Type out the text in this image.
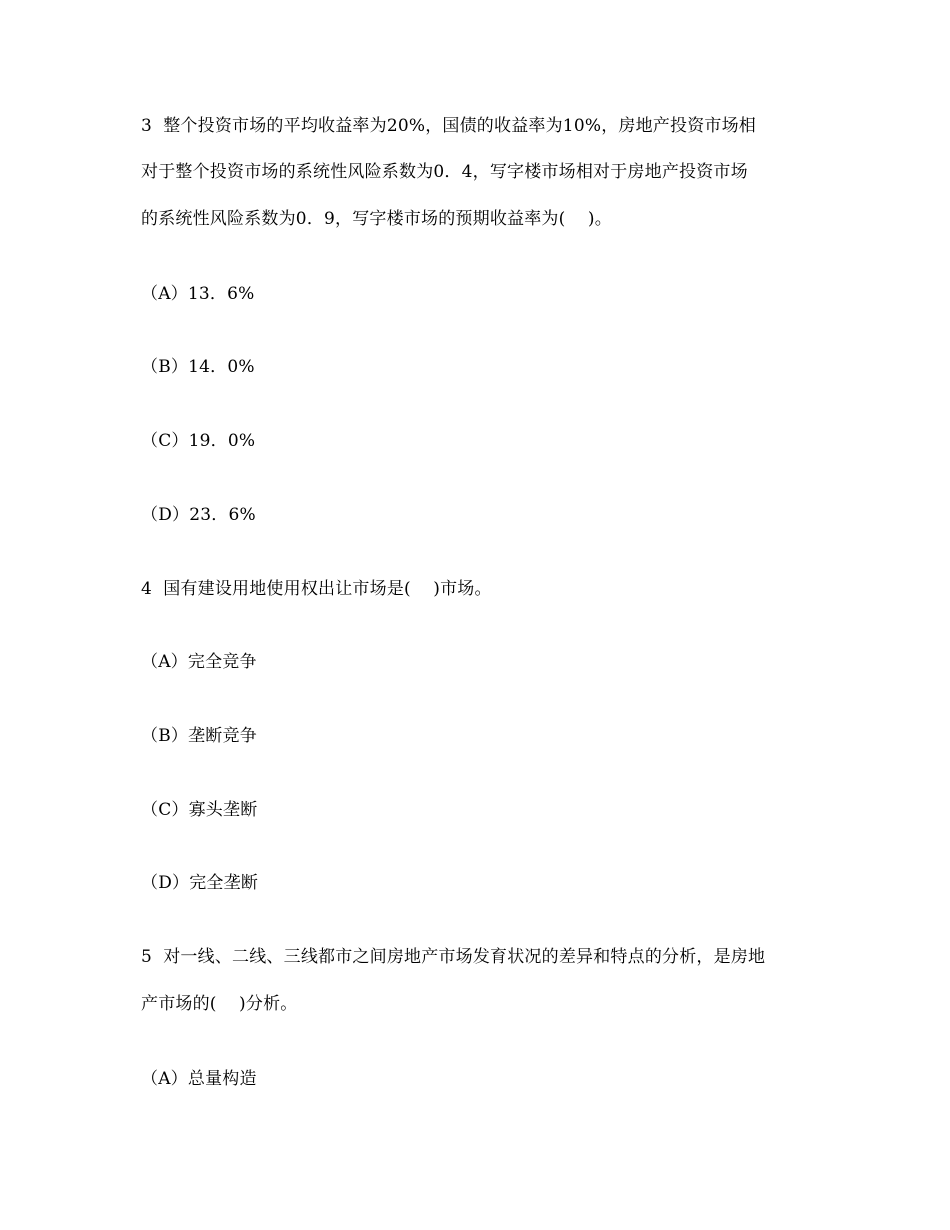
3  整个投资市场的平均收益率为20%，国债的收益率为10%，房地产投资市场相
对于整个投资市场的系统性风险系数为0．4，写字楼市场相对于房地产投资市场
的系统性风险系数为0．9，写字楼市场的预期收益率为(    )。
（A）13．6%
（B）14．0%
（C）19．0%
（D）23．6%
4  国有建设用地使用权出让市场是(    )市场。
（A）完全竞争
（B）垄断竞争
（C）寡头垄断
（D）完全垄断
5  对一线、二线、三线都市之间房地产市场发育状况的差异和特点的分析，是房地
产市场的(    )分析。
（A）总量构造
